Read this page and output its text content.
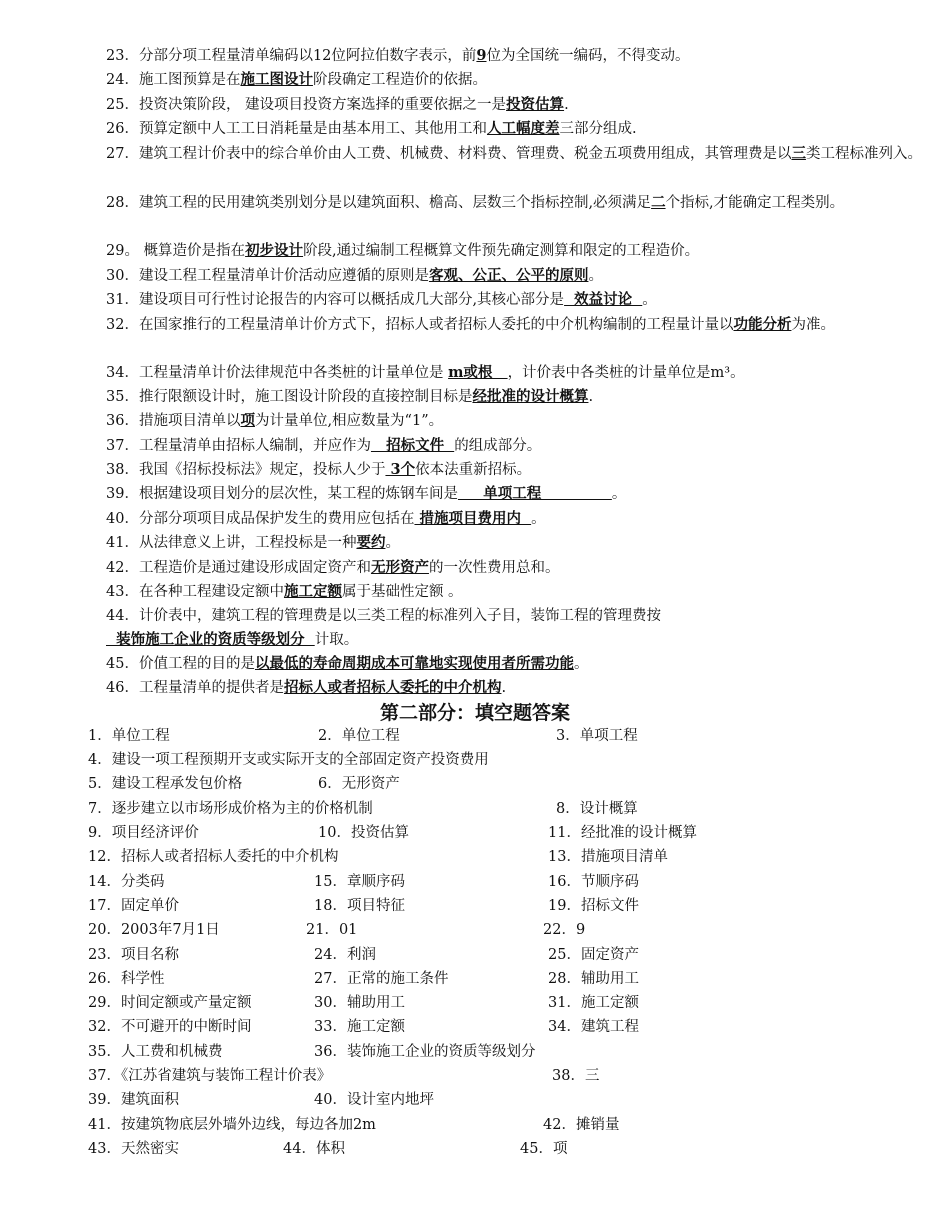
23．分部分项工程量清单编码以12位阿拉伯数字表示，前9位为全国统一编码，不得变动。
24．施工图预算是在施工图设计阶段确定工程造价的依据。
25．投资决策阶段， 建设项目投资方案选择的重要依据之一是投资估算.
26．预算定额中人工工日消耗量是由基本用工、其他用工和人工幅度差三部分组成.
27．建筑工程计价表中的综合单价由人工费、机械费、材料费、管理费、税金五项费用组成，其管理费是以三类工程标准列入。
28．建筑工程的民用建筑类别划分是以建筑面积、檐高、层数三个指标控制,必须满足二个指标,才能确定工程类别。
29。 概算造价是指在初步设计阶段,通过编制工程概算文件预先确定测算和限定的工程造价。
30．建设工程工程量清单计价活动应遵循的原则是客观、公正、公平的原则。
31．建设项目可行性讨论报告的内容可以概括成几大部分,其核心部分是  效益讨论  。
32．在国家推行的工程量清单计价方式下，招标人或者招标人委托的中介机构编制的工程量计量以功能分析为准。
34．工程量清单计价法律规范中各类桩的计量单位是 m或根   ，计价表中各类桩的计量单位是m³。
35．推行限额设计时，施工图设计阶段的直接控制目标是经批准的设计概算.
36．措施项目清单以项为计量单位,相应数量为“1”。
37．工程量清单由招标人编制，并应作为   招标文件  的组成部分。
38．我国《招标投标法》规定，投标人少于 3个依本法重新招标。
39．根据建设项目划分的层次性，某工程的炼钢车间是     单项工程              。
40．分部分项项目成品保护发生的费用应包括在 措施项目费用内  。
41．从法律意义上讲，工程投标是一种要约。
42．工程造价是通过建设形成固定资产和无形资产的一次性费用总和。
43．在各种工程建设定额中施工定额属于基础性定额 。
44．计价表中，建筑工程的管理费是以三类工程的标准列入子目，装饰工程的管理费按
装饰施工企业的资质等级划分  计取。
45．价值工程的目的是以最低的寿命周期成本可靠地实现使用者所需功能。
46．工程量清单的提供者是招标人或者招标人委托的中介机构.
第二部分：填空题答案
1．单位工程	2．单位工程	3．单项工程
4．建设一项工程预期开支或实际开支的全部固定资产投资费用
5．建设工程承发包价格	6．无形资产
7．逐步建立以市场形成价格为主的价格机制	8．设计概算
9．项目经济评价	10．投资估算	11．经批准的设计概算
12．招标人或者招标人委托的中介机构	13．措施项目清单
14．分类码	15．章顺序码	16．节顺序码
17．固定单价	18．项目特征	19．招标文件
20．2003年7月1日	21．01	22．9
23．项目名称	24．利润	25．固定资产
26．科学性	27．正常的施工条件	28．辅助用工
29．时间定额或产量定额	30．辅助用工	31．施工定额
32．不可避开的中断时间	33．施工定额	34．建筑工程
35．人工费和机械费	36．装饰施工企业的资质等级划分
37．《江苏省建筑与装饰工程计价表》	38．三
39．建筑面积	40．设计室内地坪
41．按建筑物底层外墙外边线，每边各加2m	42．摊销量
43．天然密实	44．体积	45．项
